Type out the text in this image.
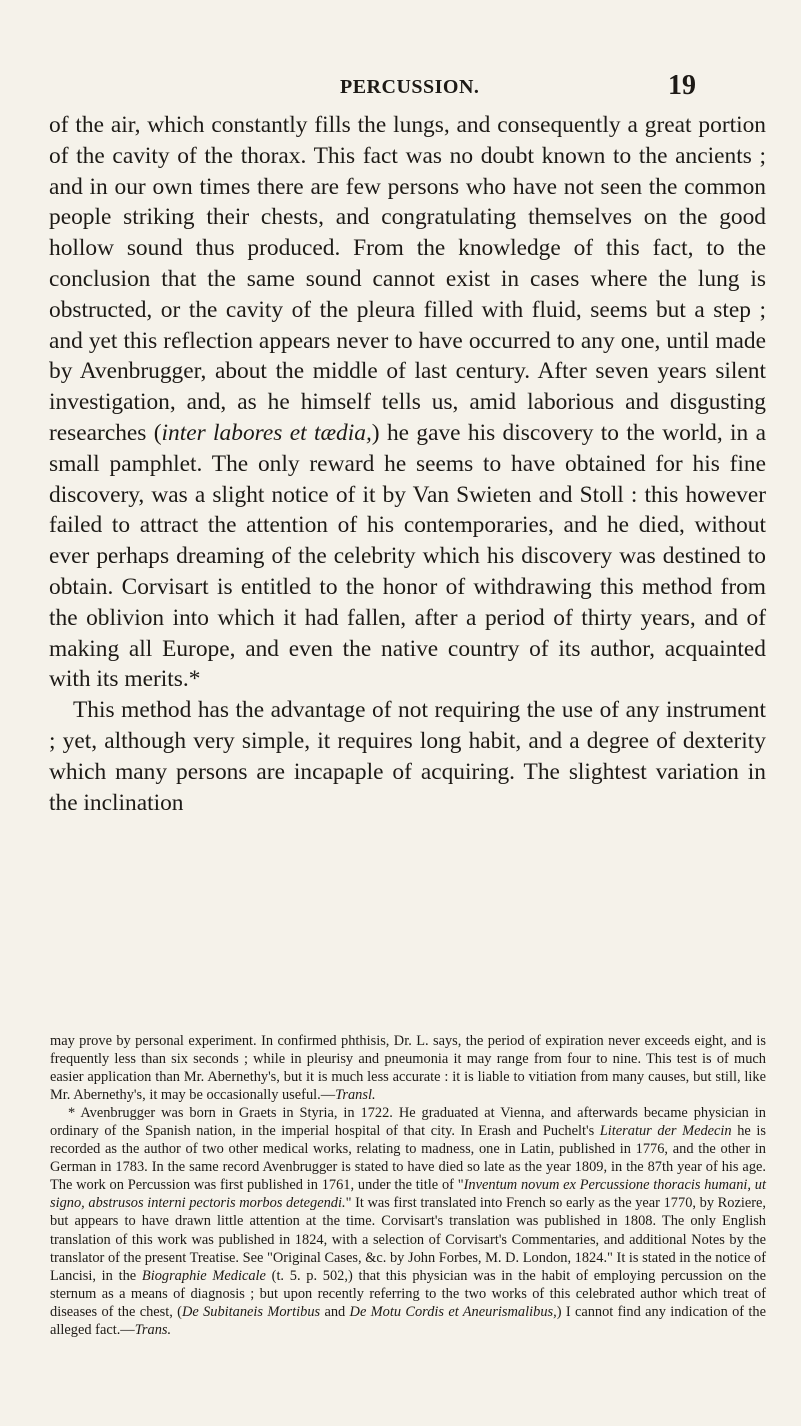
PERCUSSION.	19

of the air, which constantly fills the lungs, and consequently a great portion of the cavity of the thorax. This fact was no doubt known to the ancients ; and in our own times there are few persons who have not seen the common people striking their chests, and congratulating themselves on the good hollow sound thus produced. From the knowledge of this fact, to the conclusion that the same sound cannot exist in cases where the lung is obstructed, or the cavity of the pleura filled with fluid, seems but a step ; and yet this reflection appears never to have occurred to any one, until made by Avenbrugger, about the middle of last century. After seven years silent investigation, and, as he himself tells us, amid laborious and disgusting researches (inter labores et tædia,) he gave his discovery to the world, in a small pamphlet. The only reward he seems to have obtained for his fine discovery, was a slight notice of it by Van Swieten and Stoll : this however failed to attract the attention of his contemporaries, and he died, without ever perhaps dreaming of the celebrity which his discovery was destined to obtain. Corvisart is entitled to the honor of withdrawing this method from the oblivion into which it had fallen, after a period of thirty years, and of making all Europe, and even the native country of its author, acquainted with its merits.*

This method has the advantage of not requiring the use of any instrument ; yet, although very simple, it requires long habit, and a degree of dexterity which many persons are incapaple of acquiring. The slightest variation in the inclination

may prove by personal experiment. In confirmed phthisis, Dr. L. says, the period of expiration never exceeds eight, and is frequently less than six seconds ; while in pleurisy and pneumonia it may range from four to nine. This test is of much easier application than Mr. Abernethy's, but it is much less accurate : it is liable to vitiation from many causes, but still, like Mr. Abernethy's, it may be occasionally useful.—Transl.

* Avenbrugger was born in Graets in Styria, in 1722. He graduated at Vienna, and afterwards became physician in ordinary of the Spanish nation, in the imperial hospital of that city. In Erash and Puchelt's Literatur der Medecin he is recorded as the author of two other medical works, relating to madness, one in Latin, published in 1776, and the other in German in 1783. In the same record Avenbrugger is stated to have died so late as the year 1809, in the 87th year of his age. The work on Percussion was first published in 1761, under the title of "Inventum novum ex Percussione thoracis humani, ut signo, abstrusos interni pectoris morbos detegendi." It was first translated into French so early as the year 1770, by Roziere, but appears to have drawn little attention at the time. Corvisart's translation was published in 1808. The only English translation of this work was published in 1824, with a selection of Corvisart's Commentaries, and additional Notes by the translator of the present Treatise. See "Original Cases, &c. by John Forbes, M. D. London, 1824." It is stated in the notice of Lancisi, in the Biographie Medicale (t. 5. p. 502,) that this physician was in the habit of employing percussion on the sternum as a means of diagnosis ; but upon recently referring to the two works of this celebrated author which treat of diseases of the chest, (De Subitaneis Mortibus and De Motu Cordis et Aneurismalibus,) I cannot find any indication of the alleged fact.—Trans.
